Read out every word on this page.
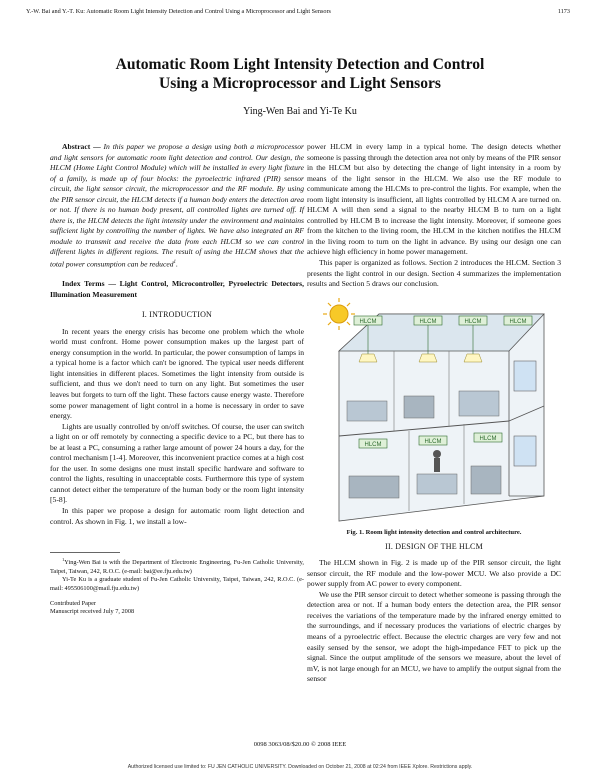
Y.-W. Bai and Y.-T. Ku: Automatic Room Light Intensity Detection and Control Using a Microprocessor and Light Sensors	1173
Automatic Room Light Intensity Detection and Control
Using a Microprocessor and Light Sensors
Ying-Wen Bai and Yi-Te Ku

Abstract — In this paper we propose a design using both a microprocessor and light sensors for automatic room light detection and control. Our design, the HLCM (Home Light Control Module) which will be installed in every light fixture of a family, is made up of four blocks: the pyroelectric infrared (PIR) sensor circuit, the light sensor circuit, the microprocessor and the RF module. By using the PIR sensor circuit, the HLCM detects if a human body enters the detection area or not. If there is no human body present, all controlled lights are turned off. If there is, the HLCM detects the light intensity under the environment and maintains sufficient light by controlling the number of lights. We have also integrated an RF module to transmit and receive the data from each HLCM so we can control different lights in different regions. The result of using the HLCM shows that the total power consumption can be reduced$^1$.

Index Terms — Light Control, Microcontroller, Pyroelectric Detectors, Illumination Measurement

I. INTRODUCTION

In recent years the energy crisis has become one problem which the whole world must confront. Home power consumption makes up the largest part of energy consumption in the world. In particular, the power consumption of lamps in a typical home is a factor which can't be ignored. The typical user needs different light intensities in different places. Sometimes the light intensity from outside is sufficient, and thus we don't need to turn on any light. But sometimes the user leaves but forgets to turn off the light. These factors cause energy waste. Therefore some power management of light control in a home is necessary in order to save energy.

Lights are usually controlled by on/off switches. Of course, the user can switch a light on or off remotely by connecting a specific device to a PC, but there has to be at least a PC, consuming a rather large amount of power 24 hours a day, for the control mechanism [1-4]. Moreover, this inconvenient practice comes at a high cost for the user. In some designs one must install specific hardware and software to control the lights, resulting in unacceptable costs. Furthermore this type of system cannot detect either the temperature of the human body or the room light intensity [5-8].

In this paper we propose a design for automatic room light detection and control. As shown in Fig. 1, we install a low-

$^1$Ying-Wen Bai is with the Department of Electronic Engineering, Fu-Jen Catholic University, Taipei, Taiwan, 242, R.O.C. (e-mail: bai@ee.fju.edu.tw)

Yi-Te Ku is a graduate student of Fu-Jen Catholic University, Taipei, Taiwan, 242, R.O.C. (e-mail: 495506100@mail.fju.edu.tw)

Contributed Paper
Manuscript received July 7, 2008

power HLCM in every lamp in a typical home. The design detects whether someone is passing through the detection area not only by means of the PIR sensor in the HLCM but also by detecting the change of light intensity in a room by means of the light sensor in the HLCM. We also use the RF module to communicate among the HLCMs to pre-control the lights. For example, when the room light intensity is insufficient, all lights controlled by HLCM A are turned on. HLCM A will then send a signal to the nearby HLCM B to turn on a light controlled by HLCM B to increase the light intensity. Moreover, if someone goes from the kitchen to the living room, the HLCM in the kitchen notifies the HLCM in the living room to turn on the light in advance. By using our design one can achieve high efficiency in home power management.

This paper is organized as follows. Section 2 introduces the HLCM. Section 3 presents the light control in our design. Section 4 summarizes the implementation results and Section 5 draws our conclusion.

HLCM	HLCM	HLCM	HLCM
HLCM	HLCM	HLCM
Fig. 1. Room light intensity detection and control architecture.
II. DESIGN OF THE HLCM

The HLCM shown in Fig. 2 is made up of the PIR sensor circuit, the light sensor circuit, the RF module and the low-power MCU. We also provide a DC power supply from AC power to every component.

We use the PIR sensor circuit to detect whether someone is passing through the detection area or not. If a human body enters the detection area, the PIR sensor receives the variations of the temperature made by the infrared energy emitted to the surroundings, and if necessary produces the variations of electric charges by means of a pyroelectric effect. Because the electric charges are very few and not easily sensed by the sensor, we adopt the high-impedance FET to pick up the signal. Since the output amplitude of the sensors we measure, about the level of mV, is not large enough for an MCU, we have to amplify the output signal from the sensor

0098 3063/08/$20.00 © 2008 IEEE
Authorized licensed use limited to: FU JEN CATHOLIC UNIVERSITY. Downloaded on October 21, 2008 at 02:24 from IEEE Xplore. Restrictions apply.
